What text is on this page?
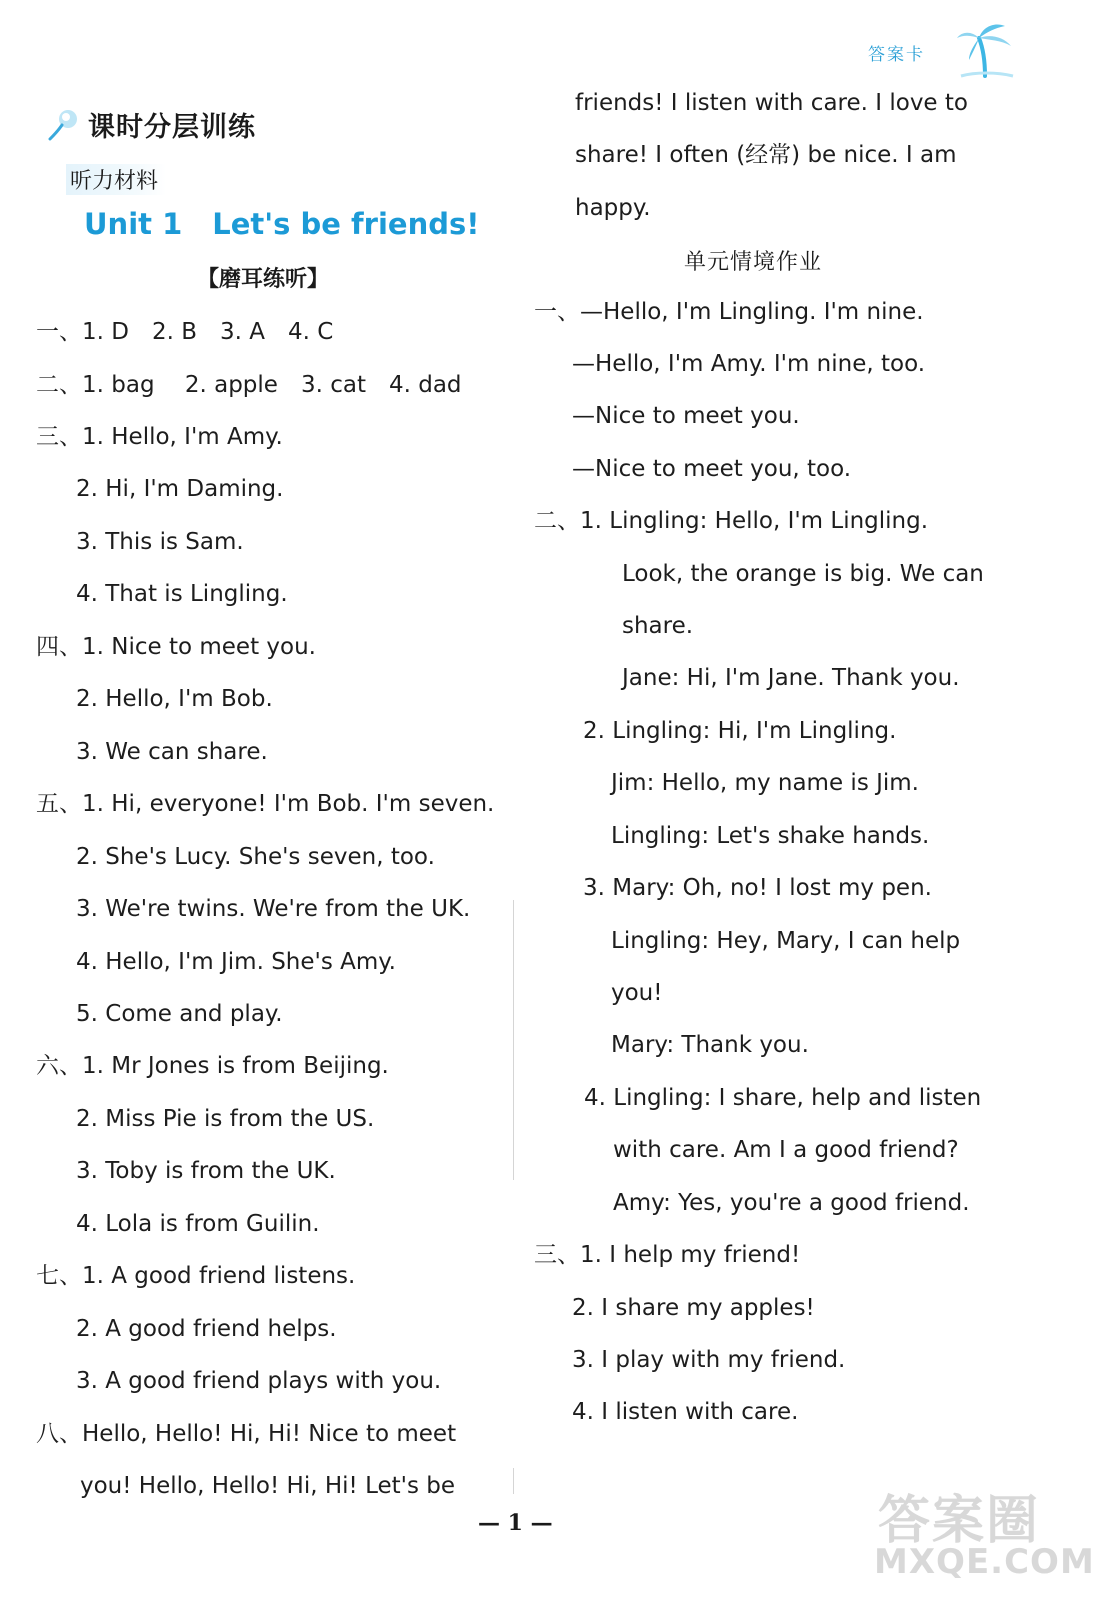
答案卡
课时分层训练
听力材料
Unit 1 Let's be friends!
【磨耳练听】
一、1. D　2. B　3. A　4. C
二、1. bag　 2. apple　3. cat　4. dad
三、1. Hello, I'm Amy.
2. Hi, I'm Daming.
3. This is Sam.
4. That is Lingling.
四、1. Nice to meet you.
2. Hello, I'm Bob.
3. We can share.
五、1. Hi, everyone! I'm Bob. I'm seven.
2. She's Lucy. She's seven, too.
3. We're twins. We're from the UK.
4. Hello, I'm Jim. She's Amy.
5. Come and play.
六、1. Mr Jones is from Beijing.
2. Miss Pie is from the US.
3. Toby is from the UK.
4. Lola is from Guilin.
七、1. A good friend listens.
2. A good friend helps.
3. A good friend plays with you.
八、Hello, Hello! Hi, Hi! Nice to meet
you! Hello, Hello! Hi, Hi! Let's be
friends! I listen with care. I love to
share! I often (经常) be nice. I am
happy.
单元情境作业
一、—Hello, I'm Lingling. I'm nine.
—Hello, I'm Amy. I'm nine, too.
—Nice to meet you.
—Nice to meet you, too.
二、1. Lingling: Hello, I'm Lingling.
Look, the orange is big. We can
share.
Jane: Hi, I'm Jane. Thank you.
2. Lingling: Hi, I'm Lingling.
Jim: Hello, my name is Jim.
Lingling: Let's shake hands.
3. Mary: Oh, no! I lost my pen.
Lingling: Hey, Mary, I can help
you!
Mary: Thank you.
4. Lingling: I share, help and listen
with care. Am I a good friend?
Amy: Yes, you're a good friend.
三、1. I help my friend!
2. I share my apples!
3. I play with my friend.
4. I listen with care.
— 1 —	答案圈
MXQE.COM
